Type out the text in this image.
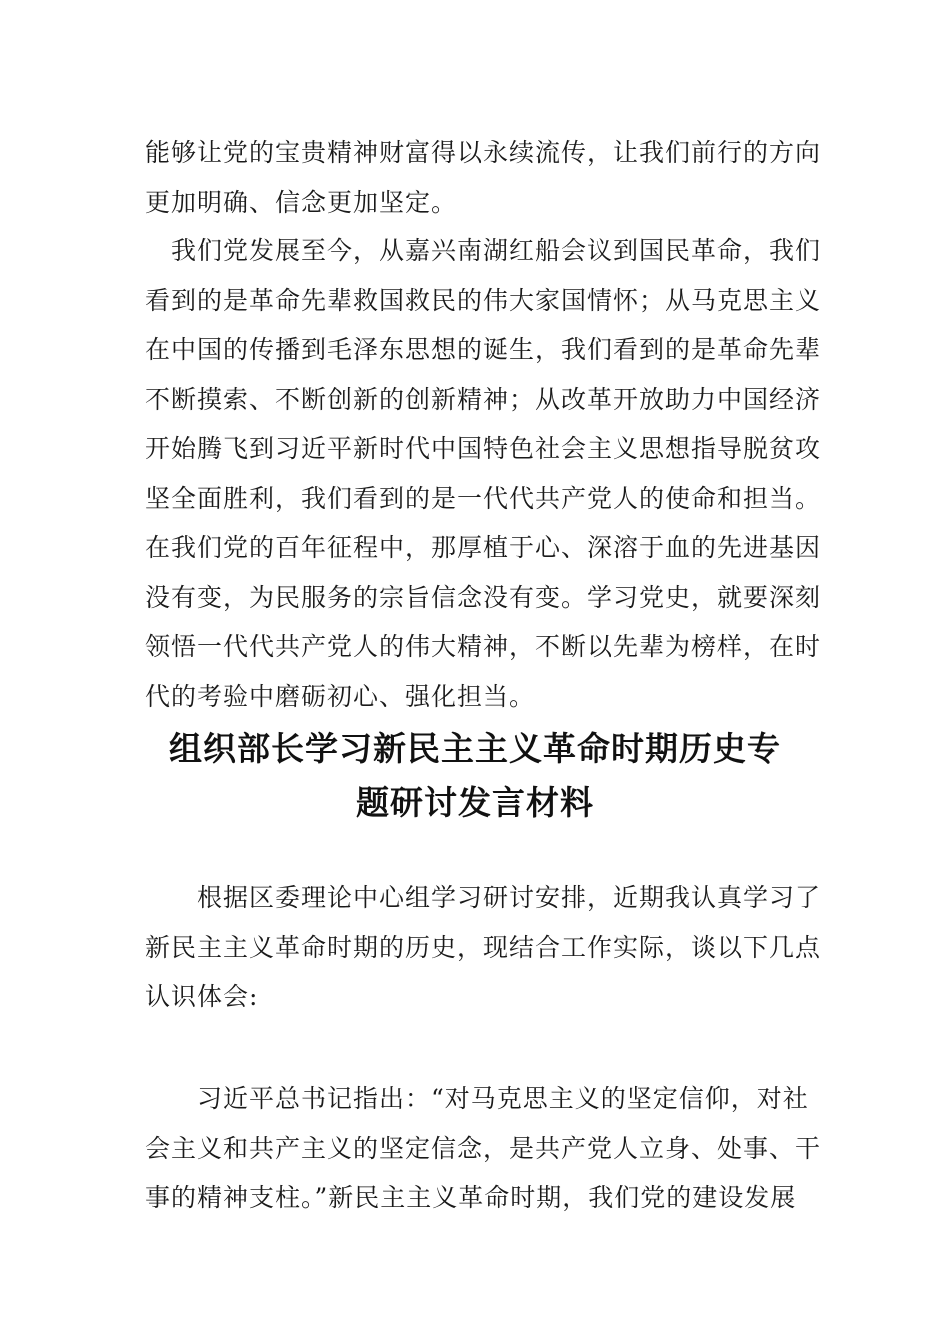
能够让党的宝贵精神财富得以永续流传，让我们前行的方向
更加明确、信念更加坚定。
我们党发展至今，从嘉兴南湖红船会议到国民革命，我们
看到的是革命先辈救国救民的伟大家国情怀；从马克思主义
在中国的传播到毛泽东思想的诞生，我们看到的是革命先辈
不断摸索、不断创新的创新精神；从改革开放助力中国经济
开始腾飞到习近平新时代中国特色社会主义思想指导脱贫攻
坚全面胜利，我们看到的是一代代共产党人的使命和担当。
在我们党的百年征程中，那厚植于心、深溶于血的先进基因
没有变，为民服务的宗旨信念没有变。学习党史，就要深刻
领悟一代代共产党人的伟大精神，不断以先辈为榜样，在时
代的考验中磨砺初心、强化担当。
组织部长学习新民主主义革命时期历史专
题研讨发言材料
根据区委理论中心组学习研讨安排，近期我认真学习了
新民主主义革命时期的历史，现结合工作实际，谈以下几点
认识体会:
习近平总书记指出：“对马克思主义的坚定信仰，对社
会主义和共产主义的坚定信念，是共产党人立身、处事、干
事的精神支柱。”新民主主义革命时期，我们党的建设发展
